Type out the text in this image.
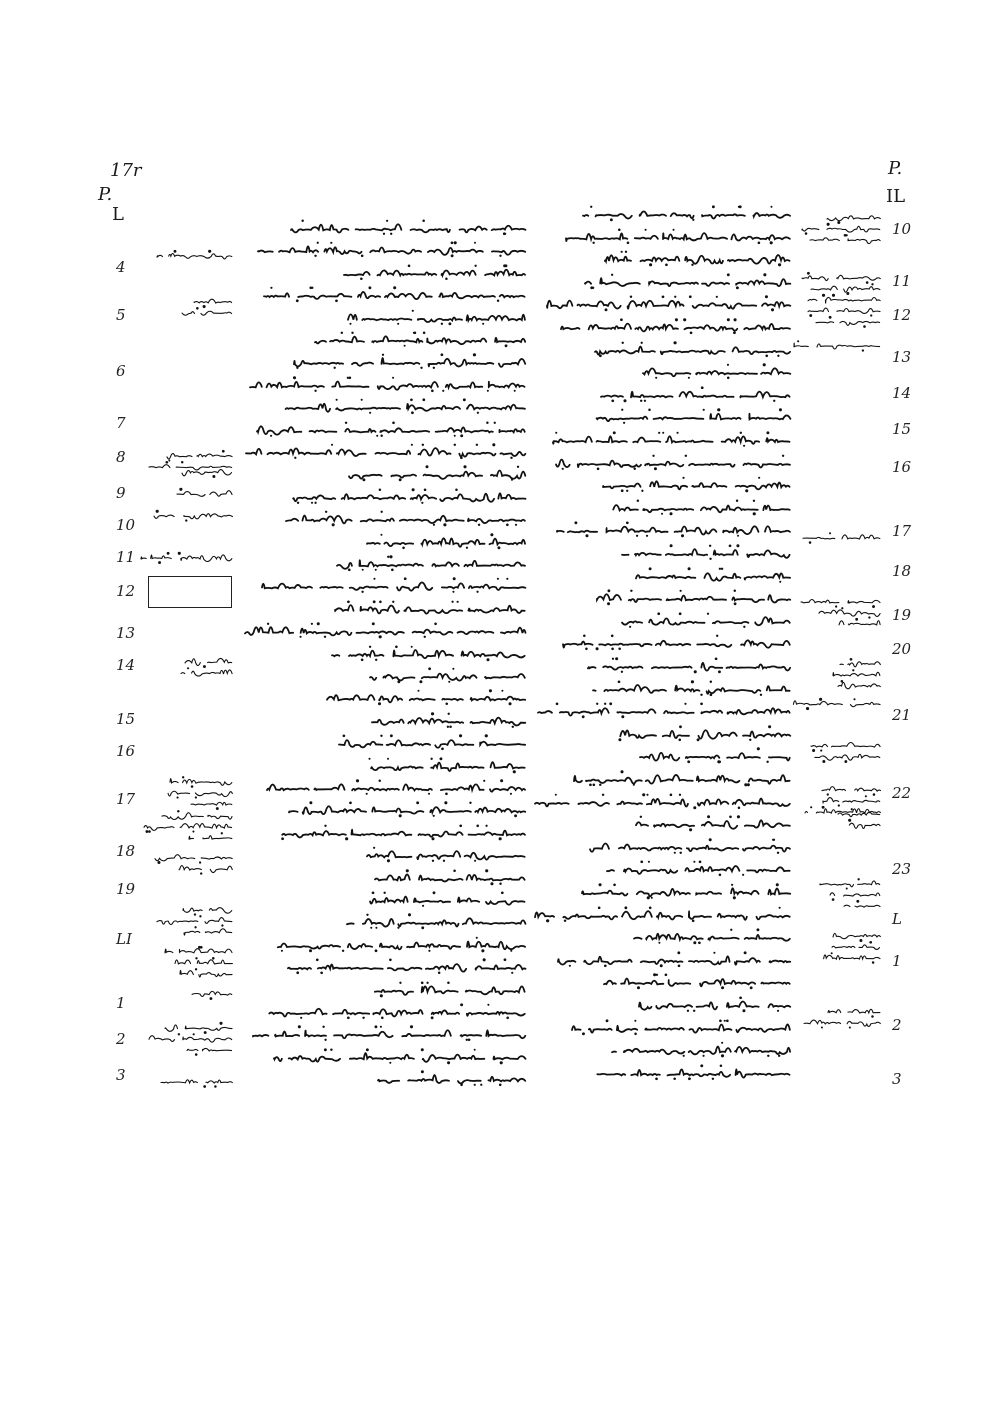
17r
P.
L
P.
IL
4
5
6
7
8
9
10
11
12
13
14
15
16
17
18
19
LI
1
2
3
10
11
12
13
14
15
16
17
18
19
20
21
22
23
L
1
2
3
